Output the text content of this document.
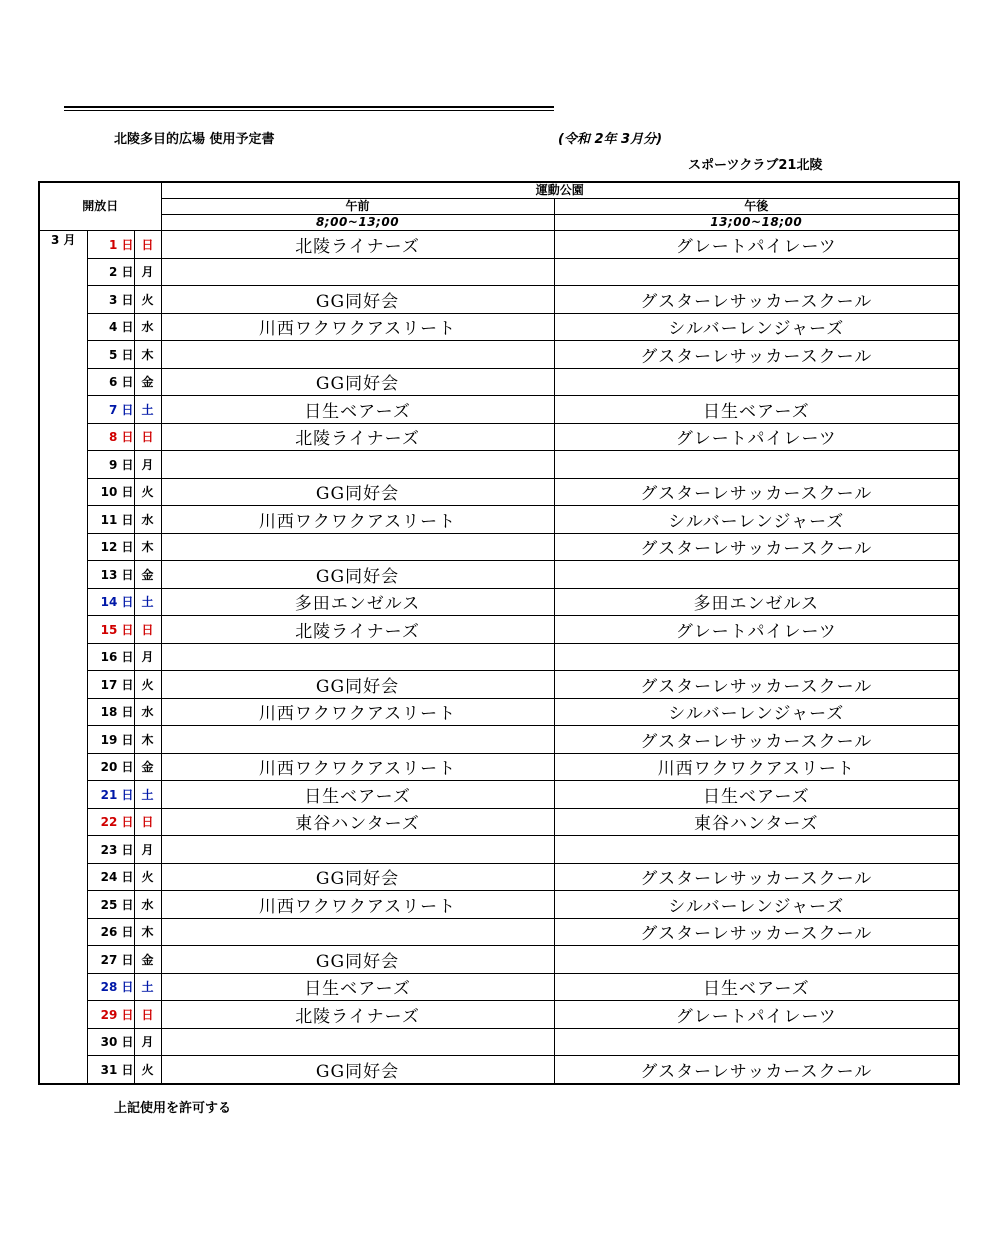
北陵多目的広場 使用予定書	(令和 2年 3月分)
スポーツクラブ21北陵
開放日			運動公園	
			午前	午後
			8;00~13;00	13;00~18;00
3 月	1 日	日	北陵ライナーズ	グレートパイレーツ
	2 日	月		
	3 日	火	GG同好会	グスターレサッカースクール
	4 日	水	川西ワクワクアスリート	シルバーレンジャーズ
	5 日	木		グスターレサッカースクール
	6 日	金	GG同好会	
	7 日	土	日生ベアーズ	日生ベアーズ
	8 日	日	北陵ライナーズ	グレートパイレーツ
	9 日	月		
	10 日	火	GG同好会	グスターレサッカースクール
	11 日	水	川西ワクワクアスリート	シルバーレンジャーズ
	12 日	木		グスターレサッカースクール
	13 日	金	GG同好会	
	14 日	土	多田エンゼルス	多田エンゼルス
	15 日	日	北陵ライナーズ	グレートパイレーツ
	16 日	月		
	17 日	火	GG同好会	グスターレサッカースクール
	18 日	水	川西ワクワクアスリート	シルバーレンジャーズ
	19 日	木		グスターレサッカースクール
	20 日	金	川西ワクワクアスリート	川西ワクワクアスリート
	21 日	土	日生ベアーズ	日生ベアーズ
	22 日	日	東谷ハンターズ	東谷ハンターズ
	23 日	月		
	24 日	火	GG同好会	グスターレサッカースクール
	25 日	水	川西ワクワクアスリート	シルバーレンジャーズ
	26 日	木		グスターレサッカースクール
	27 日	金	GG同好会	
	28 日	土	日生ベアーズ	日生ベアーズ
	29 日	日	北陵ライナーズ	グレートパイレーツ
	30 日	月		
	31 日	火	GG同好会	グスターレサッカースクール
上記使用を許可する
